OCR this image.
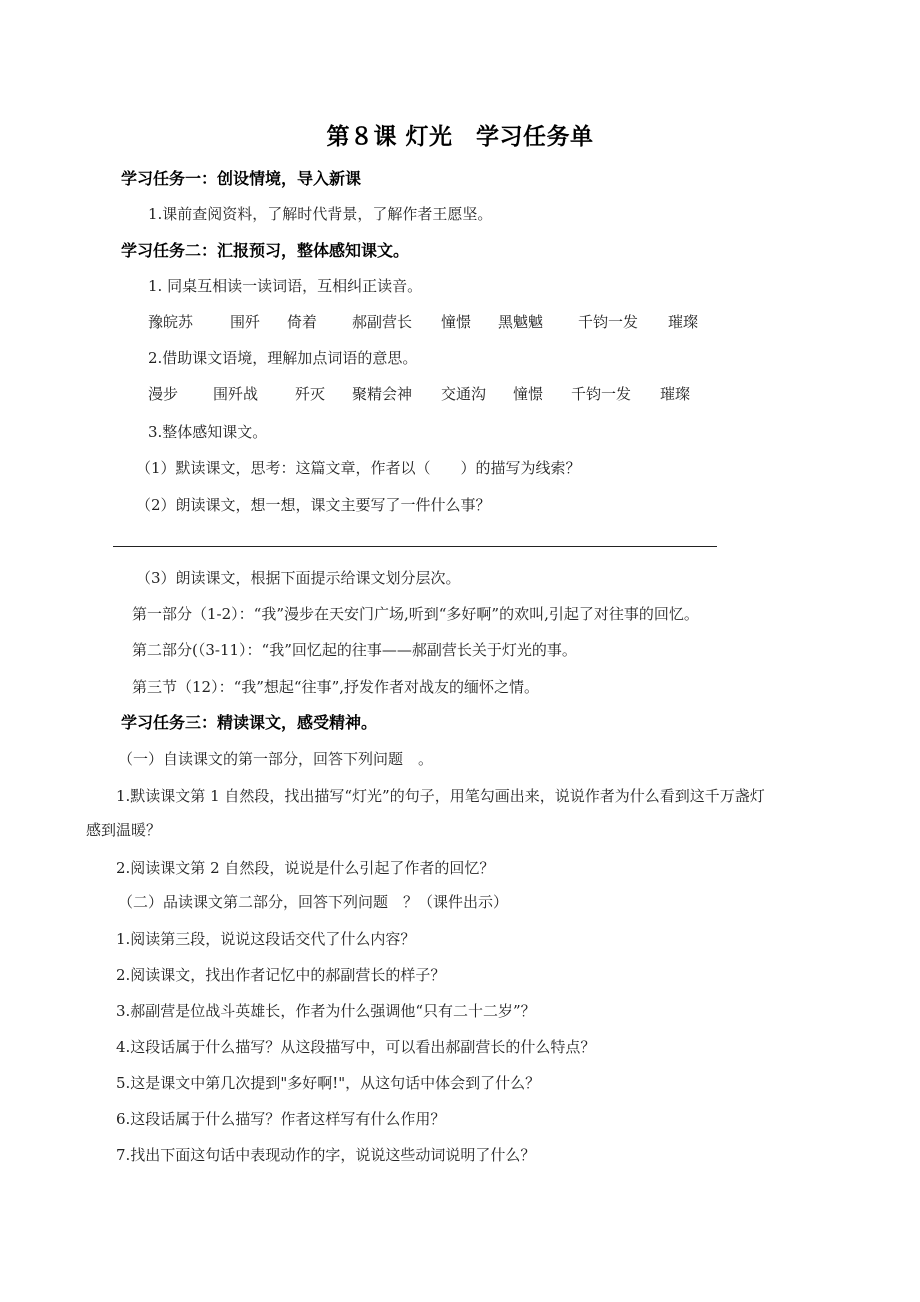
第８课 灯光　学习任务单
学习任务一：创设情境，导入新课
1.课前查阅资料，了解时代背景，了解作者王愿坚。
学习任务二：汇报预习，整体感知课文。
1. 同桌互相读一读词语，互相纠正读音。
豫皖苏 围歼 倚着 郝副营长 憧憬 黑魆魆 千钧一发 璀璨
2.借助课文语境，理解加点词语的意思。
漫步 围歼战 歼灭 聚精会神 交通沟 憧憬 千钧一发 璀璨
3.整体感知课文。
（1）默读课文，思考：这篇文章，作者以（　　）的描写为线索？
（2）朗读课文，想一想，课文主要写了一件什么事？
（3）朗读课文，根据下面提示给课文划分层次。
第一部分（1-2）：“我”漫步在天安门广场,听到“多好啊”的欢叫,引起了对往事的回忆。
第二部分(（3-11）：“我”回忆起的往事——郝副营长关于灯光的事。
第三节（12）：“我”想起“往事”,抒发作者对战友的缅怀之情。
学习任务三：精读课文，感受精神。
（一）自读课文的第一部分，回答下列问题　。
1.默读课文第 1 自然段，找出描写“灯光”的句子，用笔勾画出来，说说作者为什么看到这千万盏灯
感到温暖？
2.阅读课文第 2 自然段，说说是什么引起了作者的回忆？
（二）品读课文第二部分，回答下列问题　？（课件出示）
1.阅读第三段，说说这段话交代了什么内容？
2.阅读课文，找出作者记忆中的郝副营长的样子？
3.郝副营是位战斗英雄长，作者为什么强调他“只有二十二岁”？
4.这段话属于什么描写？从这段描写中，可以看出郝副营长的什么特点？
5.这是课文中第几次提到"多好啊!"，从这句话中体会到了什么？
6.这段话属于什么描写？作者这样写有什么作用？
7.找出下面这句话中表现动作的字，说说这些动词说明了什么？
